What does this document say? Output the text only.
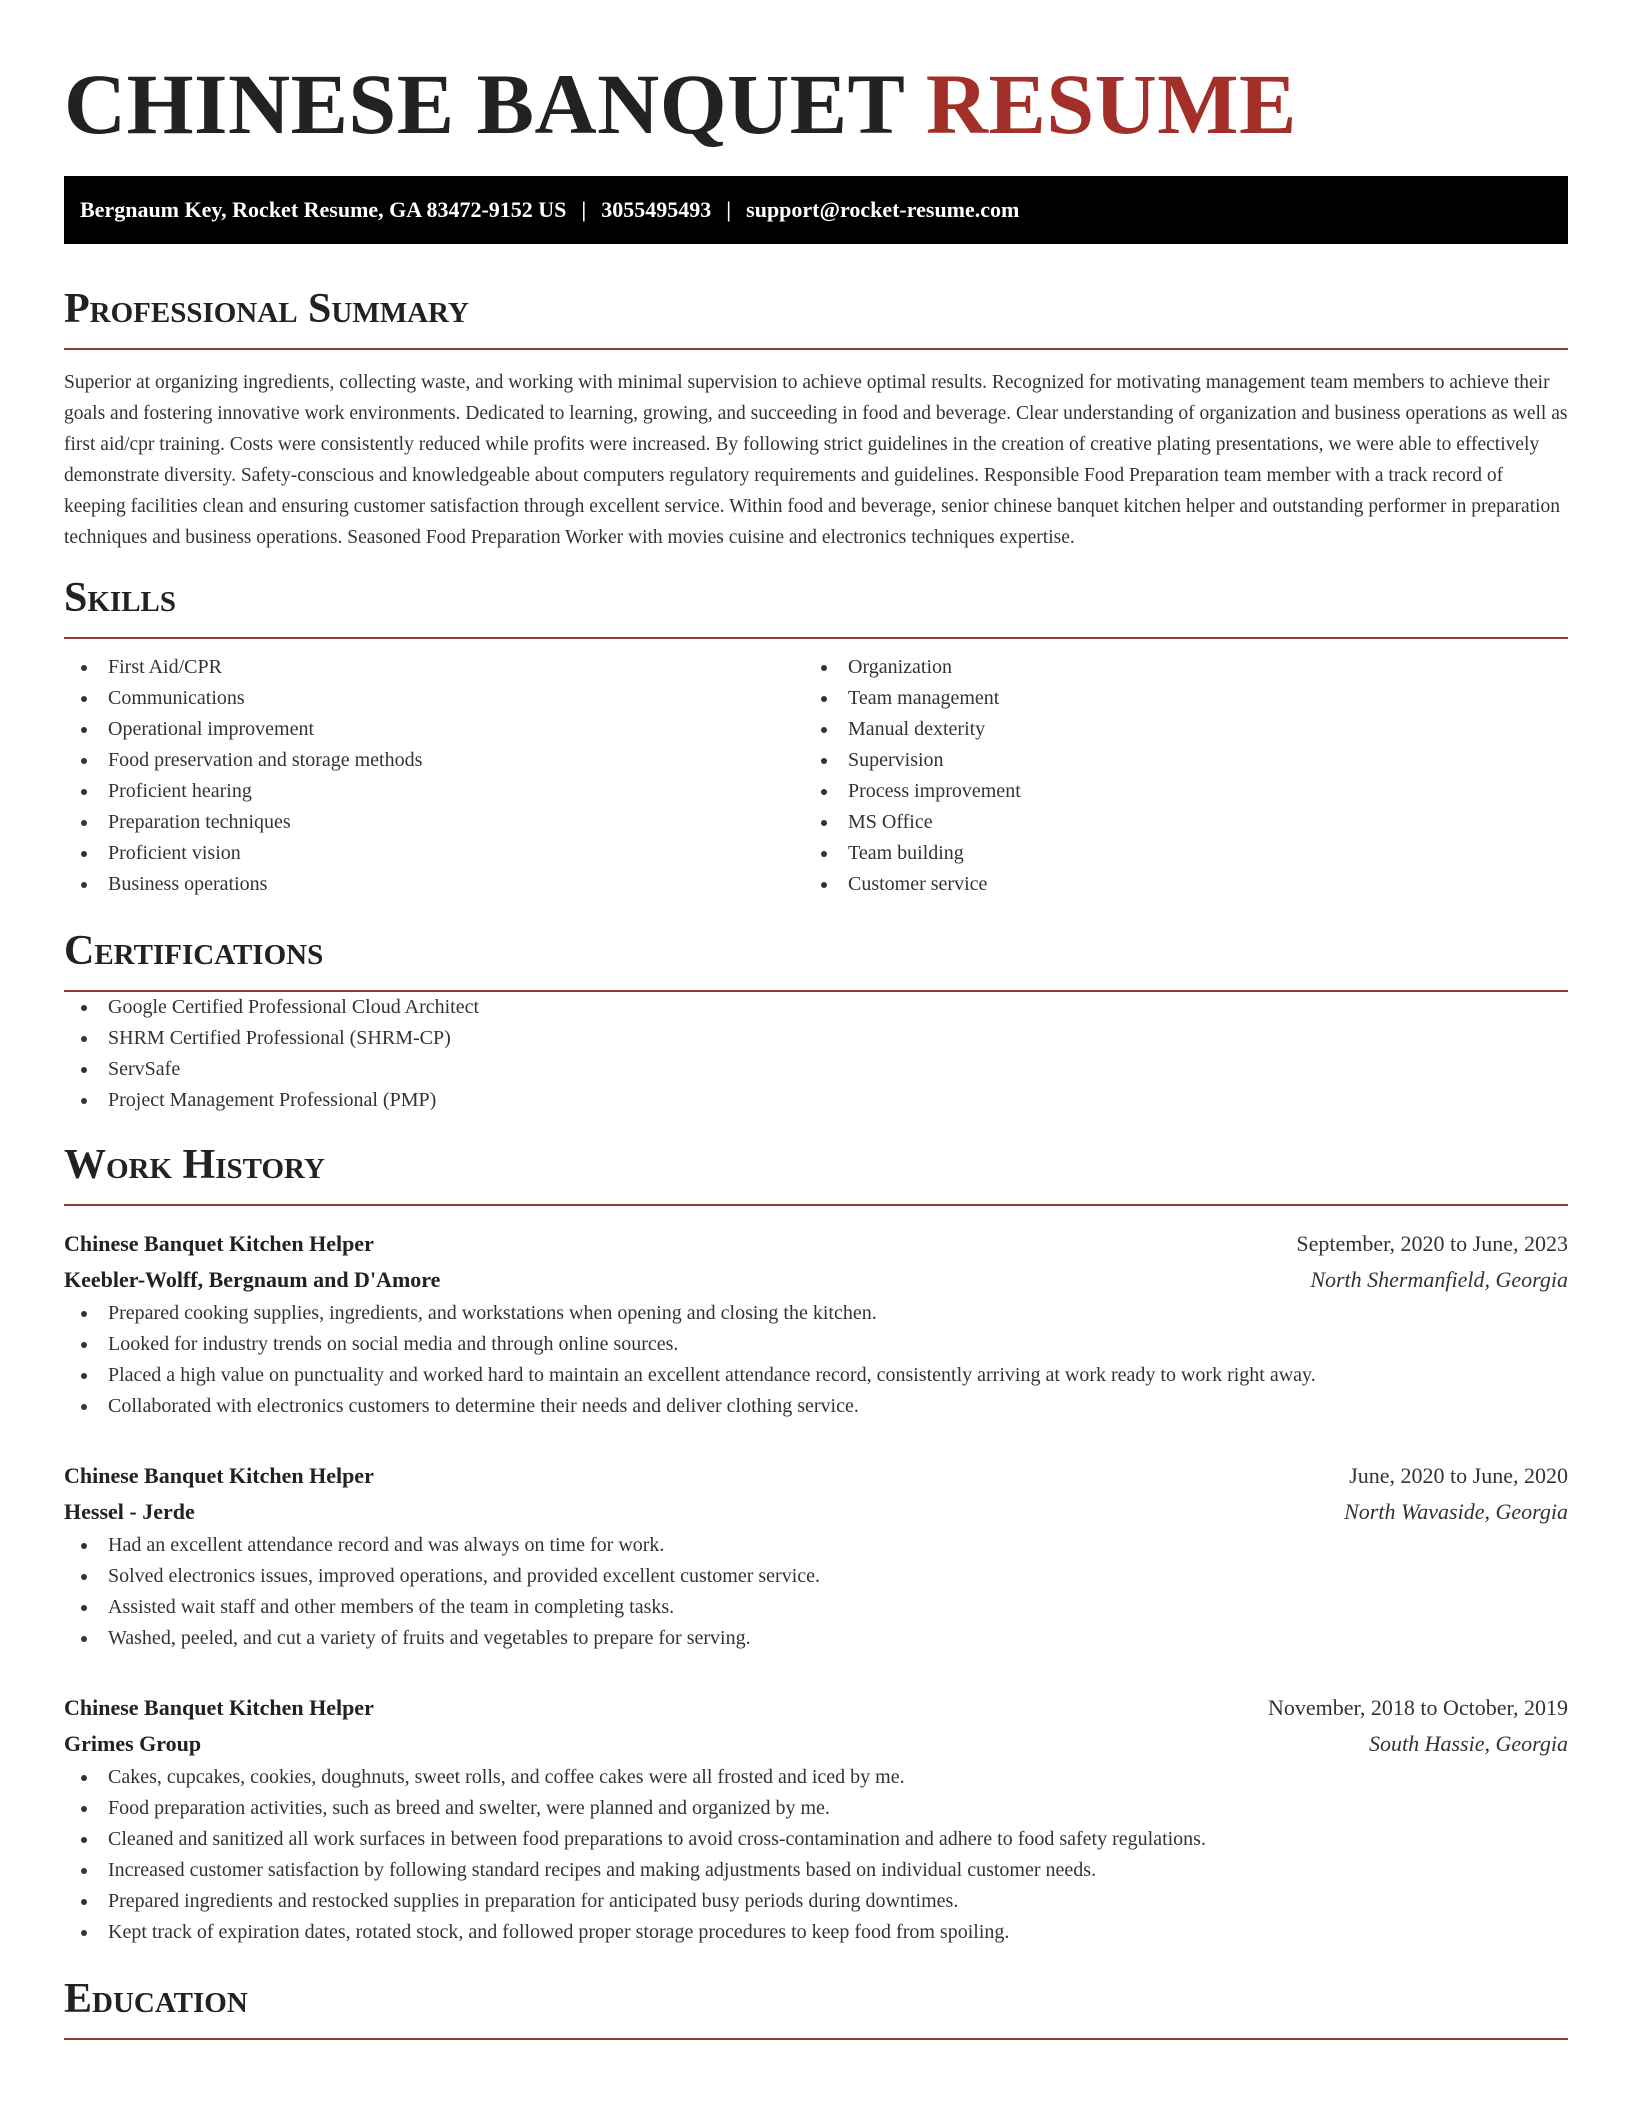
CHINESE BANQUET RESUME
Bergnaum Key, Rocket Resume, GA 83472-9152 US | 3055495493 | support@rocket-resume.com
Professional Summary

Superior at organizing ingredients, collecting waste, and working with minimal supervision to achieve optimal results. Recognized for motivating management team members to achieve their goals and fostering innovative work environments. Dedicated to learning, growing, and succeeding in food and beverage. Clear understanding of organization and business operations as well as first aid/cpr training. Costs were consistently reduced while profits were increased. By following strict guidelines in the creation of creative plating presentations, we were able to effectively demonstrate diversity. Safety-conscious and knowledgeable about computers regulatory requirements and guidelines. Responsible Food Preparation team member with a track record of keeping facilities clean and ensuring customer satisfaction through excellent service. Within food and beverage, senior chinese banquet kitchen helper and outstanding performer in preparation techniques and business operations. Seasoned Food Preparation Worker with movies cuisine and electronics techniques expertise.

Skills
First Aid/CPR
Communications
Operational improvement
Food preservation and storage methods
Proficient hearing
Preparation techniques
Proficient vision
Business operations
Organization
Team management
Manual dexterity
Supervision
Process improvement
MS Office
Team building
Customer service
Certifications
Google Certified Professional Cloud Architect
SHRM Certified Professional (SHRM-CP)
ServSafe
Project Management Professional (PMP)
Work History
Chinese Banquet Kitchen Helper	September, 2020 to June, 2023
Keebler-Wolff, Bergnaum and D'Amore	North Shermanfield, Georgia
Prepared cooking supplies, ingredients, and workstations when opening and closing the kitchen.
Looked for industry trends on social media and through online sources.
Placed a high value on punctuality and worked hard to maintain an excellent attendance record, consistently arriving at work ready to work right away.
Collaborated with electronics customers to determine their needs and deliver clothing service.
Chinese Banquet Kitchen Helper	June, 2020 to June, 2020
Hessel - Jerde	North Wavaside, Georgia
Had an excellent attendance record and was always on time for work.
Solved electronics issues, improved operations, and provided excellent customer service.
Assisted wait staff and other members of the team in completing tasks.
Washed, peeled, and cut a variety of fruits and vegetables to prepare for serving.
Chinese Banquet Kitchen Helper	November, 2018 to October, 2019
Grimes Group	South Hassie, Georgia
Cakes, cupcakes, cookies, doughnuts, sweet rolls, and coffee cakes were all frosted and iced by me.
Food preparation activities, such as breed and swelter, were planned and organized by me.
Cleaned and sanitized all work surfaces in between food preparations to avoid cross-contamination and adhere to food safety regulations.
Increased customer satisfaction by following standard recipes and making adjustments based on individual customer needs.
Prepared ingredients and restocked supplies in preparation for anticipated busy periods during downtimes.
Kept track of expiration dates, rotated stock, and followed proper storage procedures to keep food from spoiling.
Education
